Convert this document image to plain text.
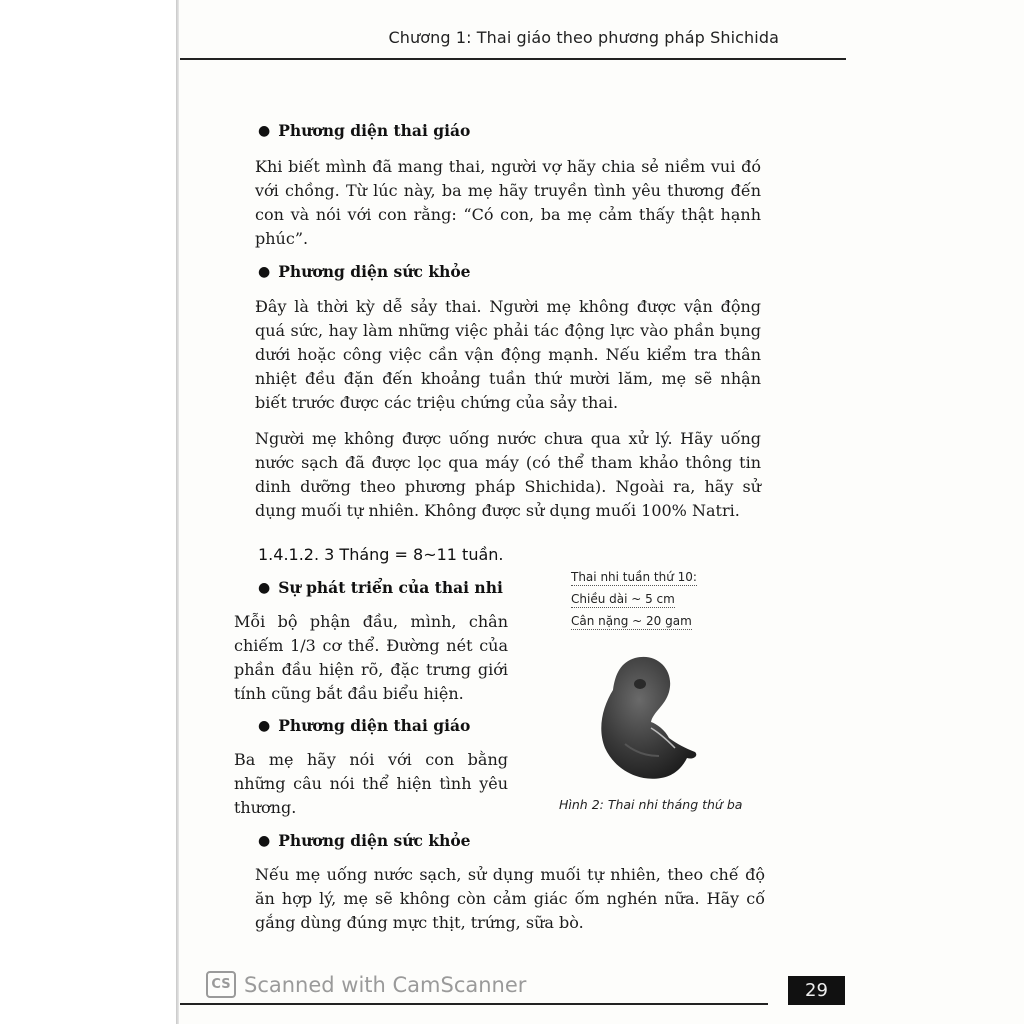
Chương 1: Thai giáo theo phương pháp Shichida
● Phương diện thai giáo
Khi biết mình đã mang thai, người vợ hãy chia sẻ niềm vui đó với chồng. Từ lúc này, ba mẹ hãy truyền tình yêu thương đến con và nói với con rằng: “Có con, ba mẹ cảm thấy thật hạnh phúc”.
● Phương diện sức khỏe
Đây là thời kỳ dễ sảy thai. Người mẹ không được vận động quá sức, hay làm những việc phải tác động lực vào phần bụng dưới hoặc công việc cần vận động mạnh. Nếu kiểm tra thân nhiệt đều đặn đến khoảng tuần thứ mười lăm, mẹ sẽ nhận biết trước được các triệu chứng của sảy thai.
Người mẹ không được uống nước chưa qua xử lý. Hãy uống nước sạch đã được lọc qua máy (có thể tham khảo thông tin dinh dưỡng theo phương pháp Shichida). Ngoài ra, hãy sử dụng muối tự nhiên. Không được sử dụng muối 100% Natri.
1.4.1.2. 3 Tháng = 8~11 tuần.
● Sự phát triển của thai nhi
Mỗi bộ phận đầu, mình, chân chiếm 1/3 cơ thể. Đường nét của phần đầu hiện rõ, đặc trưng giới tính cũng bắt đầu biểu hiện.
● Phương diện thai giáo
Ba mẹ hãy nói với con bằng những câu nói thể hiện tình yêu thương.
● Phương diện sức khỏe
Nếu mẹ uống nước sạch, sử dụng muối tự nhiên, theo chế độ ăn hợp lý, mẹ sẽ không còn cảm giác ốm nghén nữa. Hãy cố gắng dùng đúng mực thịt, trứng, sữa bò.
Thai nhi tuần thứ 10:
Chiều dài ~ 5 cm
Cân nặng ~ 20 gam
Hình 2: Thai nhi tháng thứ ba
CS Scanned with CamScanner	29
